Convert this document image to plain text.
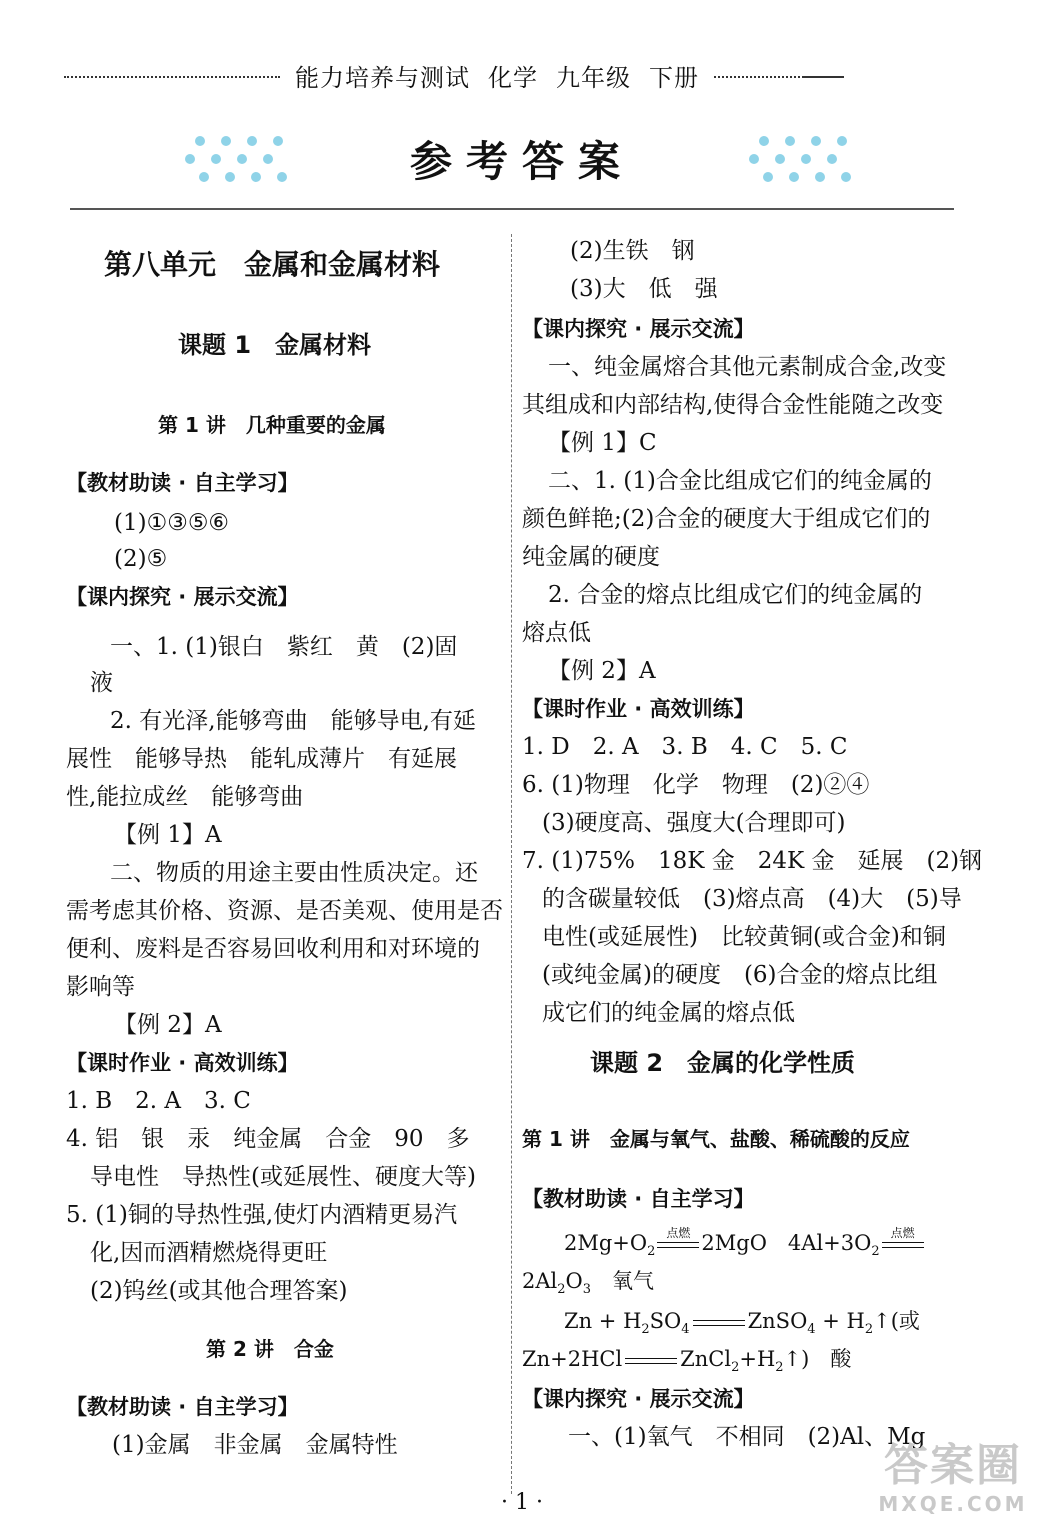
能力培养与测试 化学 九年级 下册
参考答案
第八单元　金属和金属材料
课题 1　金属材料
第 1 讲　几种重要的金属
【教材助读 · 自主学习】
(1)①③⑤⑥
(2)⑤
【课内探究 · 展示交流】
一、1. (1)银白　紫红　黄　(2)固
液
2. 有光泽,能够弯曲　能够导电,有延
展性　能够导热　能轧成薄片　有延展
性,能拉成丝　能够弯曲
【例 1】A
二、物质的用途主要由性质决定。还
需考虑其价格、资源、是否美观、使用是否
便利、废料是否容易回收利用和对环境的
影响等
【例 2】A
【课时作业 · 高效训练】
1. B　2. A　3. C
4. 铝　银　汞　纯金属　合金　90　多
导电性　导热性(或延展性、硬度大等)
5. (1)铜的导热性强,使灯内酒精更易汽
化,因而酒精燃烧得更旺
(2)钨丝(或其他合理答案)
第 2 讲　合金
【教材助读 · 自主学习】
(1)金属　非金属　金属特性
(2)生铁　钢
(3)大　低　强
【课内探究 · 展示交流】
一、纯金属熔合其他元素制成合金,改变
其组成和内部结构,使得合金性能随之改变
【例 1】C
二、1. (1)合金比组成它们的纯金属的
颜色鲜艳;(2)合金的硬度大于组成它们的
纯金属的硬度
2. 合金的熔点比组成它们的纯金属的
熔点低
【例 2】A
【课时作业 · 高效训练】
1. D　2. A　3. B　4. C　5. C
6. (1)物理　化学　物理　(2)②④
(3)硬度高、强度大(合理即可)
7. (1)75%　18K 金　24K 金　延展　(2)钢
的含碳量较低　(3)熔点高　(4)大　(5)导
电性(或延展性)　比较黄铜(或合金)和铜
(或纯金属)的硬度　(6)合金的熔点比组
成它们的纯金属的熔点低
课题 2　金属的化学性质
第 1 讲　金属与氧气、盐酸、稀硫酸的反应
【教材助读 · 自主学习】
$2Mg+O_2$点燃 2MgO　$4Al+3O_2$点燃
$2Al_2O_3$　 氧气
$Zn + H_2SO_4$	ZnSO$_4$ + $H_2↑$(或
Zn+2HCl	$ZnCl_2+H_2↑$)　酸
【课内探究 · 展示交流】
一、(1)氧气　不相同　(2)Al、Mg
· 1 ·
答案圈
MXQE.COM
